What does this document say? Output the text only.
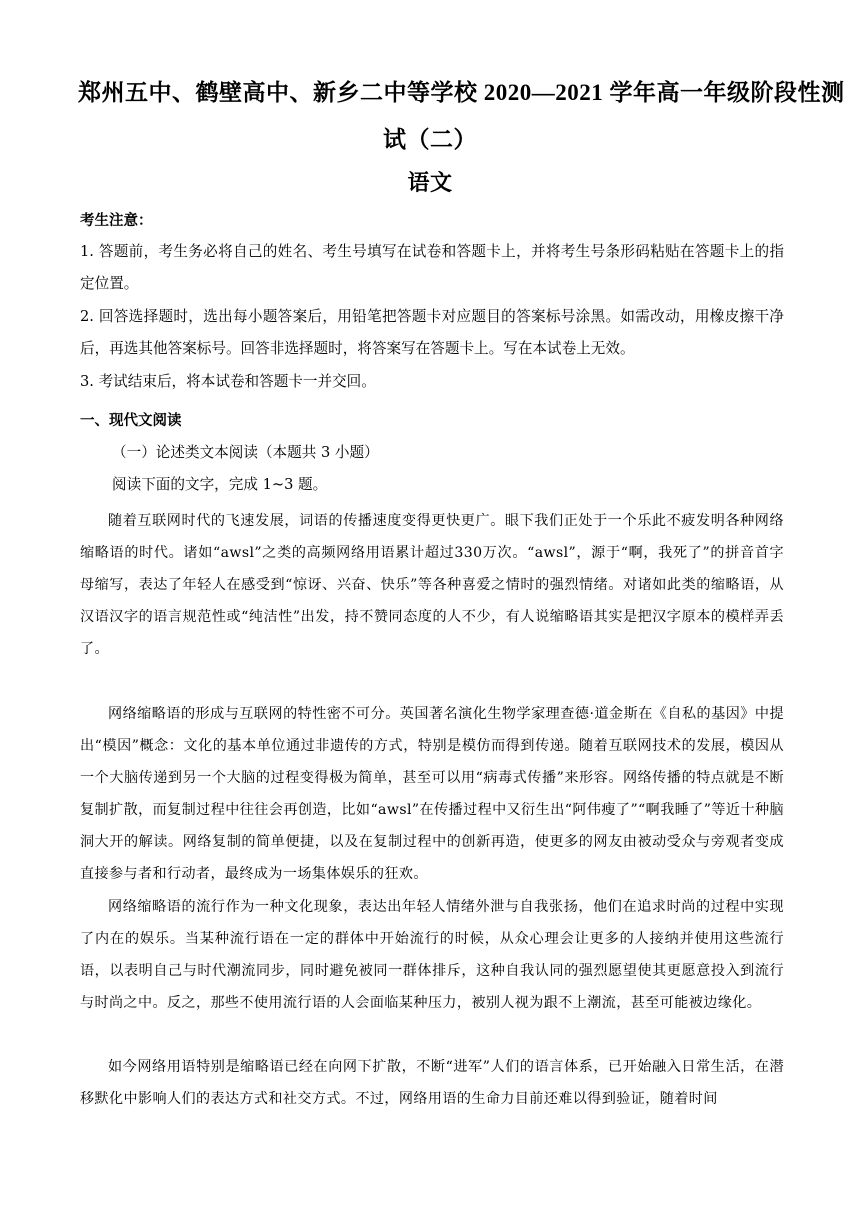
郑州五中、鹤壁高中、新乡二中等学校 2020—2021 学年高一年级阶段性测
试（二）
语文
考生注意：

1. 答题前，考生务必将自己的姓名、考生号填写在试卷和答题卡上，并将考生号条形码粘贴在答题卡上的指定位置。

2. 回答选择题时，选出每小题答案后，用铅笔把答题卡对应题目的答案标号涂黑。如需改动，用橡皮擦干净后，再选其他答案标号。回答非选择题时，将答案写在答题卡上。写在本试卷上无效。

3. 考试结束后，将本试卷和答题卡一并交回。

一、现代文阅读
（一）论述类文本阅读（本题共 3 小题）
阅读下面的文字，完成 1~3 题。

随着互联网时代的飞速发展，词语的传播速度变得更快更广。眼下我们正处于一个乐此不疲发明各种网络缩略语的时代。诸如“awsl”之类的高频网络用语累计超过330万次。“awsl”，源于“啊，我死了”的拼音首字母缩写，表达了年轻人在感受到“惊讶、兴奋、快乐”等各种喜爱之情时的强烈情绪。对诸如此类的缩略语，从汉语汉字的语言规范性或“纯洁性”出发，持不赞同态度的人不少，有人说缩略语其实是把汉字原本的模样弄丢了。

网络缩略语的形成与互联网的特性密不可分。英国著名演化生物学家理查德·道金斯在《自私的基因》中提出“模因”概念：文化的基本单位通过非遗传的方式，特别是模仿而得到传递。随着互联网技术的发展，模因从一个大脑传递到另一个大脑的过程变得极为简单，甚至可以用“病毒式传播”来形容。网络传播的特点就是不断复制扩散，而复制过程中往往会再创造，比如“awsl”在传播过程中又衍生出“阿伟瘦了”“啊我睡了”等近十种脑洞大开的解读。网络复制的简单便捷，以及在复制过程中的创新再造，使更多的网友由被动受众与旁观者变成直接参与者和行动者，最终成为一场集体娱乐的狂欢。

网络缩略语的流行作为一种文化现象，表达出年轻人情绪外泄与自我张扬，他们在追求时尚的过程中实现了内在的娱乐。当某种流行语在一定的群体中开始流行的时候，从众心理会让更多的人接纳并使用这些流行语，以表明自己与时代潮流同步，同时避免被同一群体排斥，这种自我认同的强烈愿望使其更愿意投入到流行与时尚之中。反之，那些不使用流行语的人会面临某种压力，被别人视为跟不上潮流，甚至可能被边缘化。

如今网络用语特别是缩略语已经在向网下扩散，不断“进军”人们的语言体系，已开始融入日常生活，在潜移默化中影响人们的表达方式和社交方式。不过，网络用语的生命力目前还难以得到验证，随着时间
